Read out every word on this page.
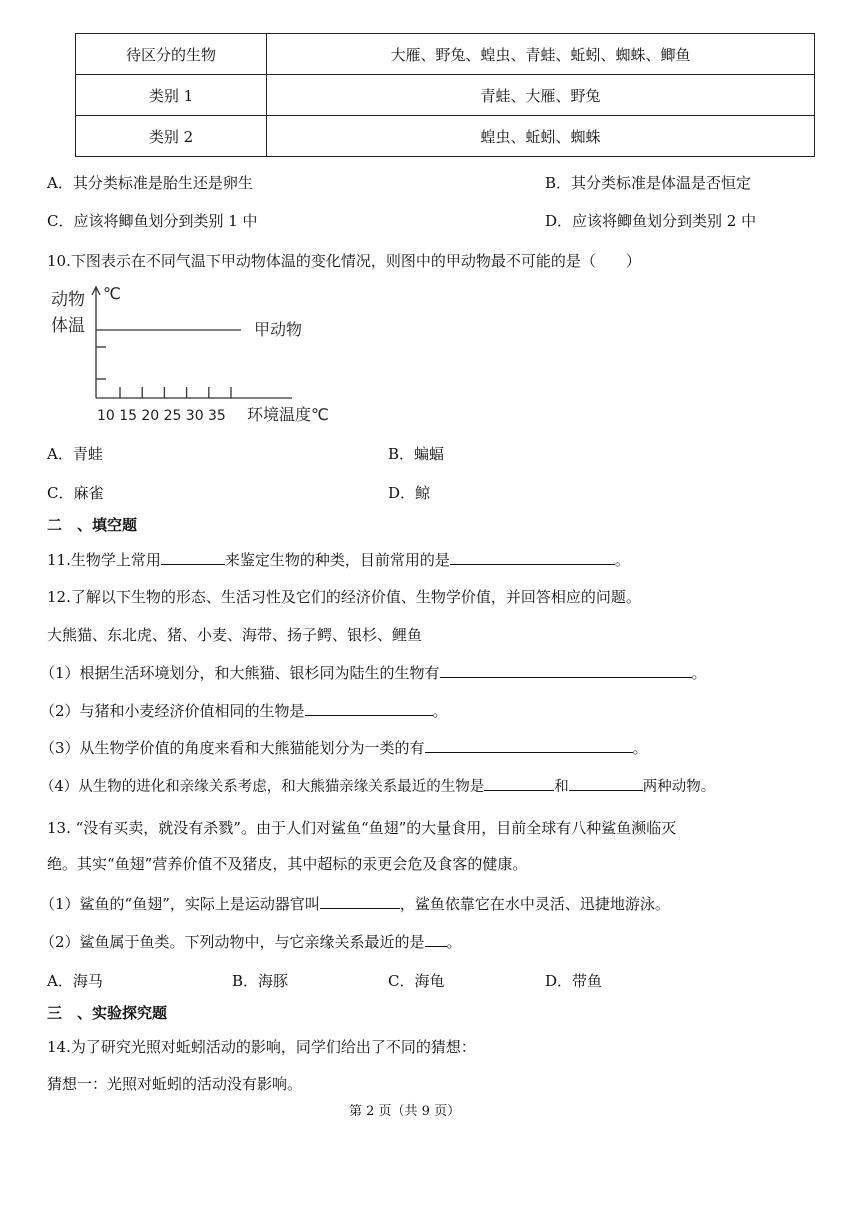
待区分的生物	大雁、野兔、蝗虫、青蛙、蚯蚓、蜘蛛、鲫鱼
类别 1	青蛙、大雁、野兔
类别 2	蝗虫、蚯蚓、蜘蛛
A．其分类标准是胎生还是卵生	B．其分类标准是体温是否恒定
C．应该将鲫鱼划分到类别 1 中	D．应该将鲫鱼划分到类别 2 中
10.下图表示在不同气温下甲动物体温的变化情况，则图中的甲动物最不可能的是（　　）
动物
体温
℃
10 15 20 25 30 35
甲动物
环境温度℃
A．青蛙	B．蝙蝠
C．麻雀	D．鲸
二　、填空题
11.生物学上常用	来鉴定生物的种类，目前常用的是	。
12.了解以下生物的形态、生活习性及它们的经济价值、生物学价值，并回答相应的问题。
大熊猫、东北虎、猪、小麦、海带、扬子鳄、银杉、鲤鱼
（1）根据生活环境划分，和大熊猫、银杉同为陆生的生物有	。
（2）与猪和小麦经济价值相同的生物是	。
（3）从生物学价值的角度来看和大熊猫能划分为一类的有	。
（4）从生物的进化和亲缘关系考虑，和大熊猫亲缘关系最近的生物是	和	两种动物。
13. “没有买卖，就没有杀戮”。由于人们对鲨鱼“鱼翅”的大量食用，目前全球有八种鲨鱼濒临灭
绝。其实“鱼翅”营养价值不及猪皮，其中超标的汞更会危及食客的健康。
（1）鲨鱼的“鱼翅”，实际上是运动器官叫	，鲨鱼依靠它在水中灵活、迅捷地游泳。
（2）鲨鱼属于鱼类。下列动物中，与它亲缘关系最近的是 。
A．海马	B．海豚	C．海龟	D．带鱼
三　、实验探究题
14.为了研究光照对蚯蚓活动的影响，同学们给出了不同的猜想：
猜想一：光照对蚯蚓的活动没有影响。
第 2 页（共 9 页）
